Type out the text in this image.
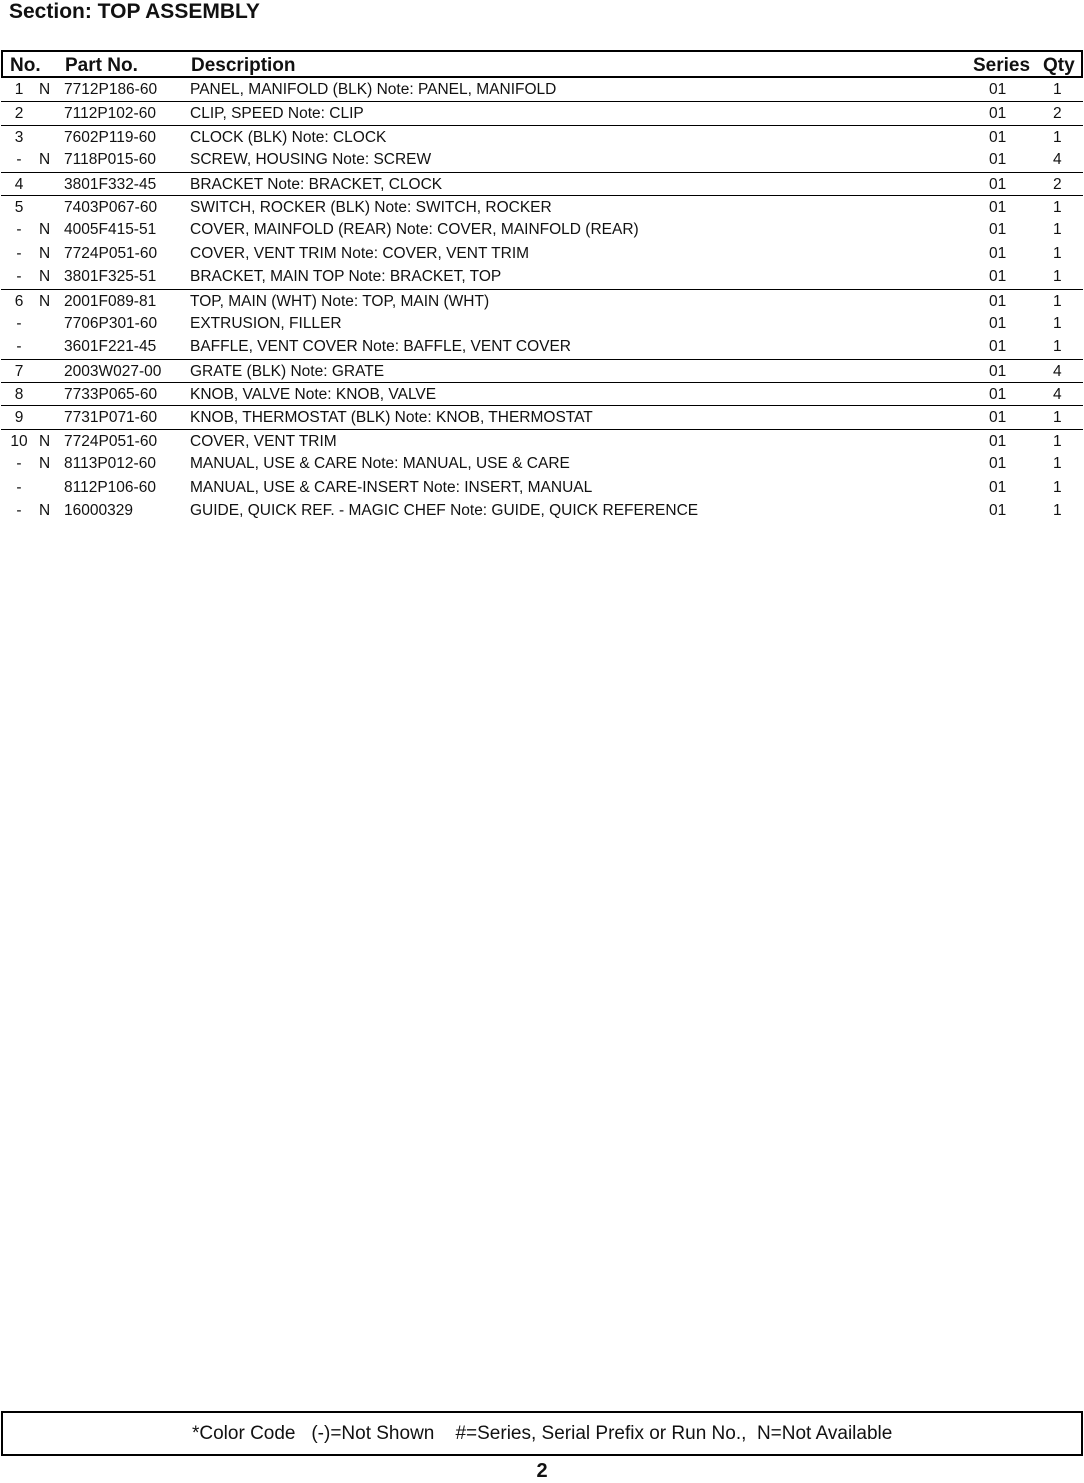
Section: TOP ASSEMBLY
No. Part No.	Description	Series Qty
1	N 7712P186-60 PANEL, MANIFOLD (BLK) Note: PANEL, MANIFOLD	01	1
2	7112P102-60 CLIP, SPEED Note: CLIP	01	2
3	7602P119-60 CLOCK (BLK) Note: CLOCK	01	1
-	N 7118P015-60 SCREW, HOUSING Note: SCREW	01	4
4	3801F332-45 BRACKET Note: BRACKET, CLOCK	01	2
5	7403P067-60 SWITCH, ROCKER (BLK) Note: SWITCH, ROCKER	01	1
-	N 4005F415-51 COVER, MAINFOLD (REAR) Note: COVER, MAINFOLD (REAR)	01	1
-	N 7724P051-60 COVER, VENT TRIM Note: COVER, VENT TRIM	01	1
-	N 3801F325-51 BRACKET, MAIN TOP Note: BRACKET, TOP	01	1
6	N 2001F089-81 TOP, MAIN (WHT) Note: TOP, MAIN (WHT)	01	1
-	7706P301-60 EXTRUSION, FILLER	01	1
-	3601F221-45 BAFFLE, VENT COVER Note: BAFFLE, VENT COVER	01	1
7	2003W027-00 GRATE (BLK) Note: GRATE	01	4
8	7733P065-60 KNOB, VALVE Note: KNOB, VALVE	01	4
9	7731P071-60 KNOB, THERMOSTAT (BLK) Note: KNOB, THERMOSTAT	01	1
10 N 7724P051-60 COVER, VENT TRIM	01	1
-	N 8113P012-60 MANUAL, USE & CARE Note: MANUAL, USE & CARE	01	1
-	8112P106-60 MANUAL, USE & CARE-INSERT Note: INSERT, MANUAL	01	1
-	N 16000329	GUIDE, QUICK REF. - MAGIC CHEF Note: GUIDE, QUICK REFERENCE	01	1
*Color Code   (-)=Not Shown    #=Series, Serial Prefix or Run No.,  N=Not Available
2
